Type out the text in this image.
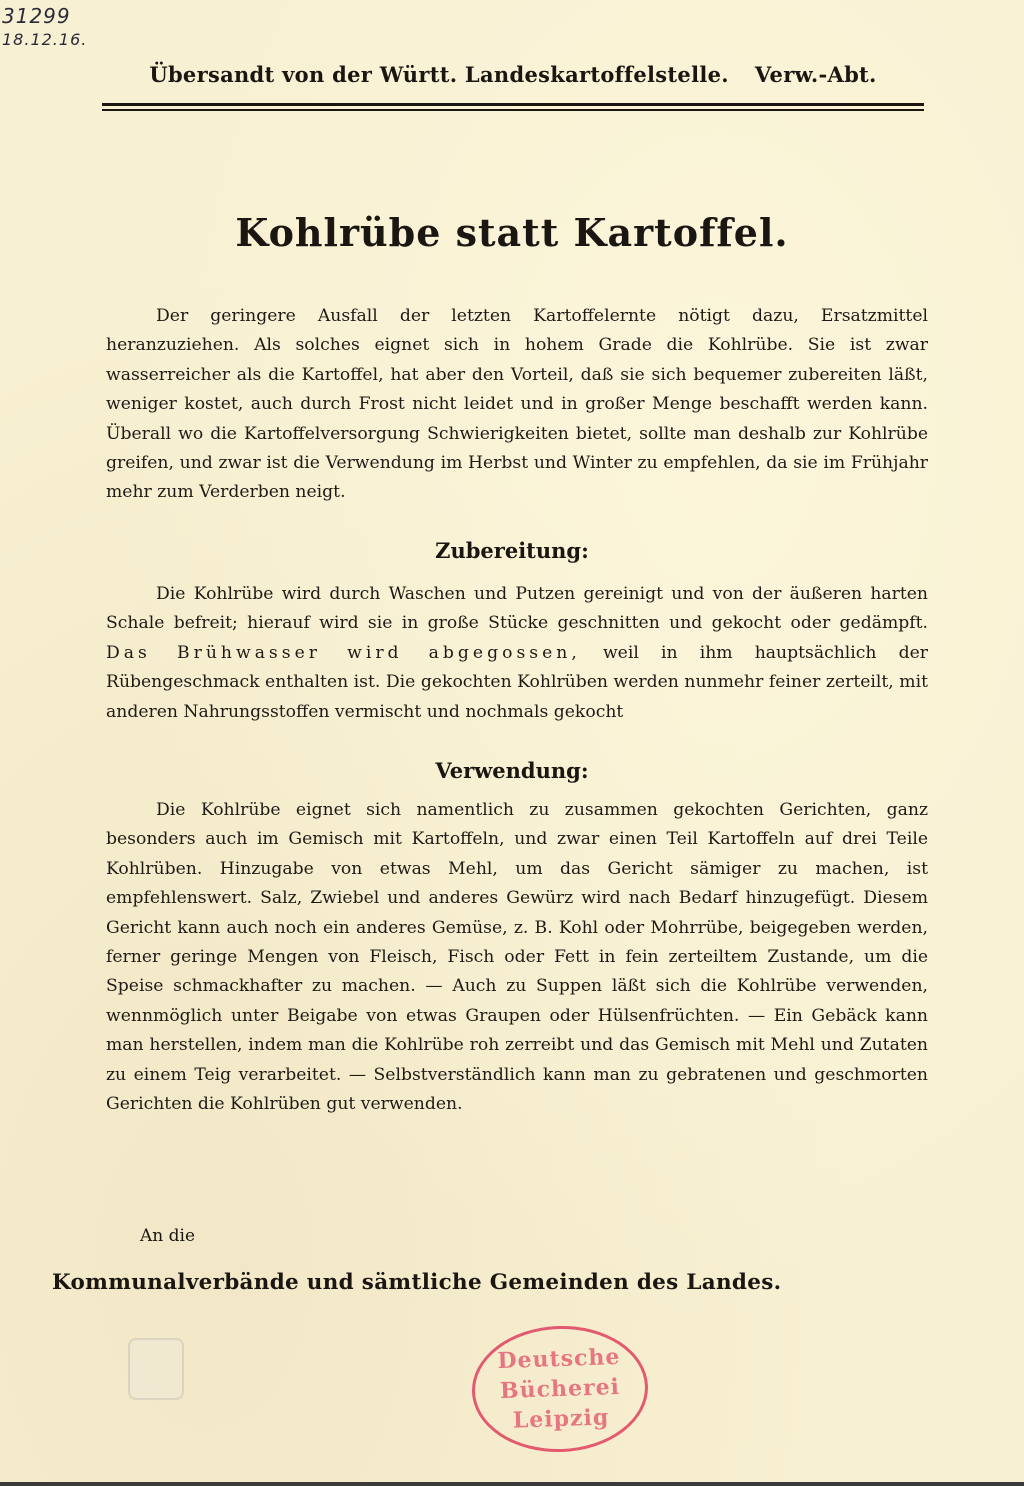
31299
18.12.16.
Übersandt von der Württ. Landeskartoffelstelle. Verw.-Abt.
Kohlrübe statt Kartoffel.

Der geringere Ausfall der letzten Kartoffelernte nötigt dazu, Ersatzmittel heranzuziehen. Als solches eignet sich in hohem Grade die Kohlrübe. Sie ist zwar wasserreicher als die Kartoffel, hat aber den Vorteil, daß sie sich bequemer zubereiten läßt, weniger kostet, auch durch Frost nicht leidet und in großer Menge beschafft werden kann. Überall wo die Kartoffelversorgung Schwierigkeiten bietet, sollte man deshalb zur Kohlrübe greifen, und zwar ist die Verwendung im Herbst und Winter zu empfehlen, da sie im Frühjahr mehr zum Verderben neigt.

Zubereitung:

Die Kohlrübe wird durch Waschen und Putzen gereinigt und von der äußeren harten Schale befreit; hierauf wird sie in große Stücke geschnitten und gekocht oder gedämpft. Das Brühwasser wird abgegossen, weil in ihm hauptsächlich der Rübengeschmack enthalten ist. Die gekochten Kohlrüben werden nunmehr feiner zerteilt, mit anderen Nahrungsstoffen vermischt und nochmals gekocht

Verwendung:

Die Kohlrübe eignet sich namentlich zu zusammen gekochten Gerichten, ganz besonders auch im Gemisch mit Kartoffeln, und zwar einen Teil Kartoffeln auf drei Teile Kohlrüben. Hinzugabe von etwas Mehl, um das Gericht sämiger zu machen, ist empfehlenswert. Salz, Zwiebel und anderes Gewürz wird nach Bedarf hinzugefügt. Diesem Gericht kann auch noch ein anderes Gemüse, z. B. Kohl oder Mohrrübe, beigegeben werden, ferner geringe Mengen von Fleisch, Fisch oder Fett in fein zerteiltem Zustande, um die Speise schmackhafter zu machen. — Auch zu Suppen läßt sich die Kohlrübe verwenden, wennmöglich unter Beigabe von etwas Graupen oder Hülsenfrüchten. — Ein Gebäck kann man herstellen, indem man die Kohlrübe roh zerreibt und das Gemisch mit Mehl und Zutaten zu einem Teig verarbeitet. — Selbstverständlich kann man zu gebratenen und geschmorten Gerichten die Kohlrüben gut verwenden.

An die
Kommunalverbände und sämtliche Gemeinden des Landes.
Deutsche
Bücherei
Leipzig
